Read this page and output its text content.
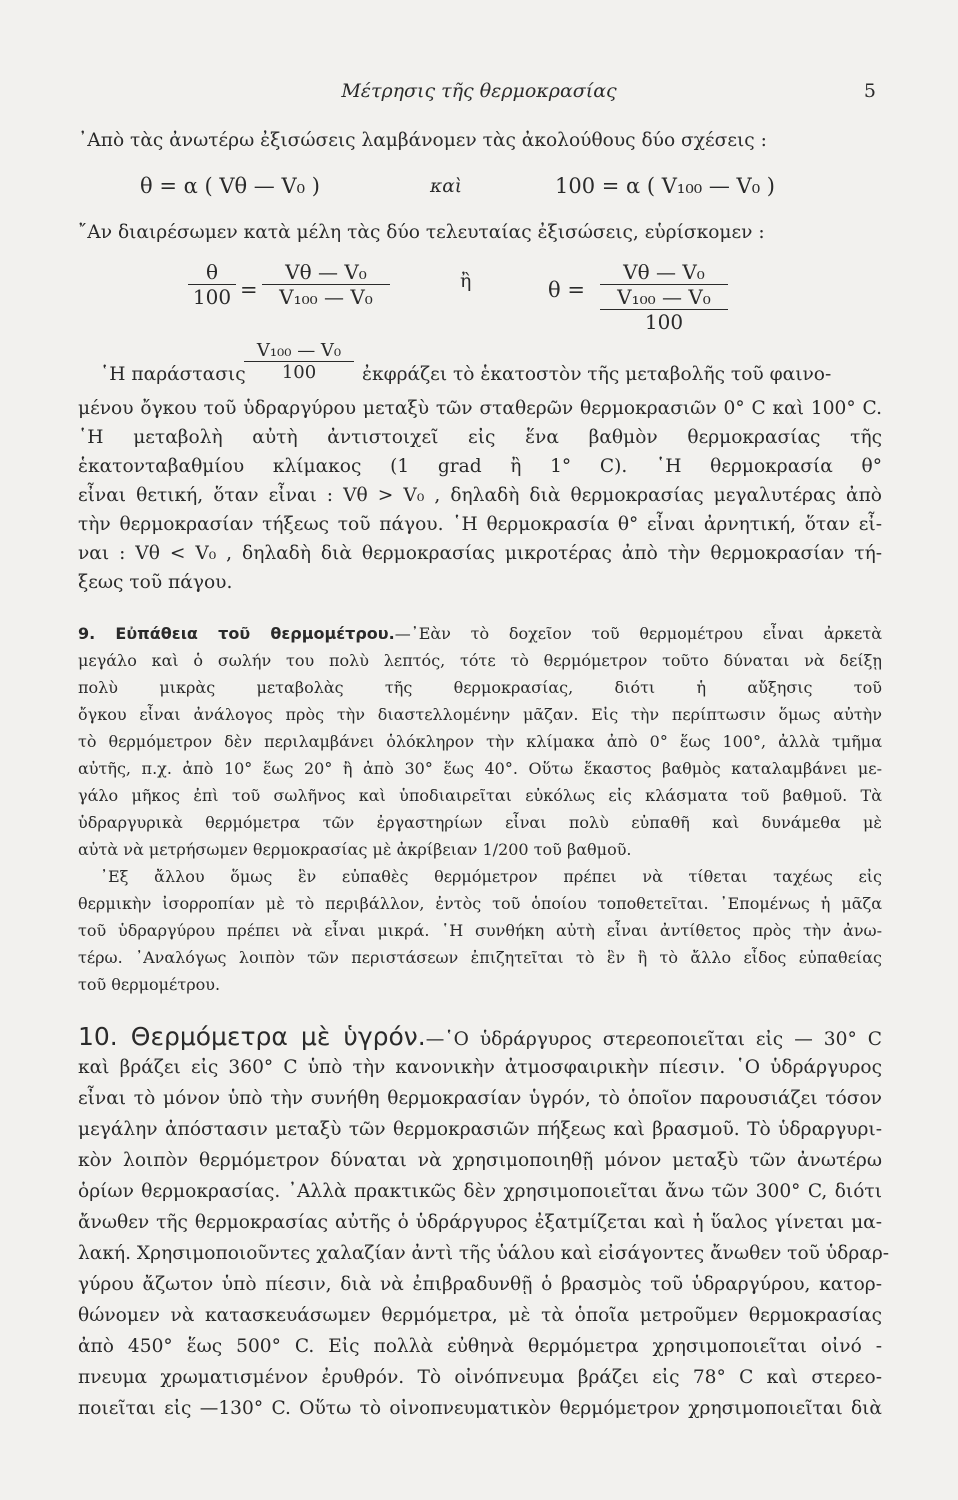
Μέτρησις τῆς θερμοκρασίας	5
᾿Απὸ τὰς ἀνωτέρω ἐξισώσεις λαμβάνομεν τὰς ἀκολούθους δύο σχέσεις :
θ = α ( Vθ — V₀ )	καὶ	100 = α ( V₁₀₀ — V₀ )
῎Αν διαιρέσωμεν κατὰ μέλη τὰς δύο τελευταίας ἐξισώσεις, εὑρίσκομεν :
θ
100 =
Vθ — V₀
V₁₀₀ — V₀
ἢ	θ =
Vθ — V₀
V₁₀₀ — V₀
100
῾Η παράστασις
V₁₀₀ — V₀
100	ἐκφράζει τὸ ἑκατοστὸν τῆς μεταβολῆς τοῦ φαινο-
μένου ὄγκου τοῦ ὑδραργύρου μεταξὺ τῶν σταθερῶν θερμοκρασιῶν 0° C καὶ 100° C.
῾Η μεταβολὴ αὐτὴ ἀντιστοιχεῖ εἰς ἕνα βαθμὸν θερμοκρασίας τῆς
ἑκατονταβαθμίου κλίμακος (1 grad ἢ 1° C). ῾Η θερμοκρασία θ°
εἶναι θετική, ὅταν εἶναι : Vθ > V₀ , δηλαδὴ διὰ θερμοκρασίας μεγαλυτέρας ἀπὸ
τὴν θερμοκρασίαν τήξεως τοῦ πάγου. ῾Η θερμοκρασία θ° εἶναι ἀρνητική, ὅταν εἶ-
ναι : Vθ < V₀ , δηλαδὴ διὰ θερμοκρασίας μικροτέρας ἀπὸ τὴν θερμοκρασίαν τή-
ξεως τοῦ πάγου.
9. Εὐπάθεια τοῦ θερμομέτρου.—᾿Εὰν τὸ δοχεῖον τοῦ θερμομέτρου εἶναι ἀρκετὰ
μεγάλο καὶ ὁ σωλήν του πολὺ λεπτός, τότε τὸ θερμόμετρον τοῦτο δύναται νὰ δείξῃ
πολὺ μικρὰς μεταβολὰς τῆς θερμοκρασίας, διότι ἡ αὔξησις τοῦ
ὄγκου εἶναι ἀνάλογος πρὸς τὴν διαστελλομένην μᾶζαν. Εἰς τὴν περίπτωσιν ὅμως αὐτὴν
τὸ θερμόμετρον δὲν περιλαμβάνει ὁλόκληρον τὴν κλίμακα ἀπὸ 0° ἕως 100°, ἀλλὰ τμῆμα
αὐτῆς, π.χ. ἀπὸ 10° ἕως 20° ἢ ἀπὸ 30° ἕως 40°. Οὕτω ἕκαστος βαθμὸς καταλαμβάνει με-
γάλο μῆκος ἐπὶ τοῦ σωλῆνος καὶ ὑποδιαιρεῖται εὐκόλως εἰς κλάσματα τοῦ βαθμοῦ. Τὰ
ὑδραργυρικὰ θερμόμετρα τῶν ἐργαστηρίων εἶναι πολὺ εὐπαθῆ καὶ δυνάμεθα μὲ
αὐτὰ νὰ μετρήσωμεν θερμοκρασίας μὲ ἀκρίβειαν 1/200 τοῦ βαθμοῦ.
᾿Εξ ἄλλου ὅμως ἓν εὐπαθὲς θερμόμετρον πρέπει νὰ τίθεται ταχέως εἰς
θερμικὴν ἰσορροπίαν μὲ τὸ περιβάλλον, ἐντὸς τοῦ ὁποίου τοποθετεῖται. ᾿Επομένως ἡ μᾶζα
τοῦ ὑδραργύρου πρέπει νὰ εἶναι μικρά. ῾Η συνθήκη αὐτὴ εἶναι ἀντίθετος πρὸς τὴν ἀνω-
τέρω. ᾿Αναλόγως λοιπὸν τῶν περιστάσεων ἐπιζητεῖται τὸ ἓν ἢ τὸ ἄλλο εἶδος εὐπαθείας
τοῦ θερμομέτρου.
10. Θερμόμετρα μὲ ὑγρόν.—῾Ο ὑδράργυρος στερεοποιεῖται εἰς — 30° C
καὶ βράζει εἰς 360° C ὑπὸ τὴν κανονικὴν ἀτμοσφαιρικὴν πίεσιν. ῾Ο ὑδράργυρος
εἶναι τὸ μόνον ὑπὸ τὴν συνήθη θερμοκρασίαν ὑγρόν, τὸ ὁποῖον παρουσιάζει τόσον
μεγάλην ἀπόστασιν μεταξὺ τῶν θερμοκρασιῶν πήξεως καὶ βρασμοῦ. Τὸ ὑδραργυρι-
κὸν λοιπὸν θερμόμετρον δύναται νὰ χρησιμοποιηθῇ μόνον μεταξὺ τῶν ἀνωτέρω
ὁρίων θερμοκρασίας. ᾿Αλλὰ πρακτικῶς δὲν χρησιμοποιεῖται ἄνω τῶν 300° C, διότι
ἄνωθεν τῆς θερμοκρασίας αὐτῆς ὁ ὑδράργυρος ἐξατμίζεται καὶ ἡ ὕαλος γίνεται μα-
λακή. Χρησιμοποιοῦντες χαλαζίαν ἀντὶ τῆς ὑάλου καὶ εἰσάγοντες ἄνωθεν τοῦ ὑδραρ-
γύρου ἄζωτον ὑπὸ πίεσιν, διὰ νὰ ἐπιβραδυνθῇ ὁ βρασμὸς τοῦ ὑδραργύρου, κατορ-
θώνομεν νὰ κατασκευάσωμεν θερμόμετρα, μὲ τὰ ὁποῖα μετροῦμεν θερμοκρασίας
ἀπὸ 450° ἕως 500° C. Εἰς πολλὰ εὐθηνὰ θερμόμετρα χρησιμοποιεῖται οἰνό -
πνευμα χρωματισμένον ἐρυθρόν. Τὸ οἰνόπνευμα βράζει εἰς 78° C καὶ στερεο-
ποιεῖται εἰς —130° C. Οὕτω τὸ οἰνοπνευματικὸν θερμόμετρον χρησιμοποιεῖται διὰ
